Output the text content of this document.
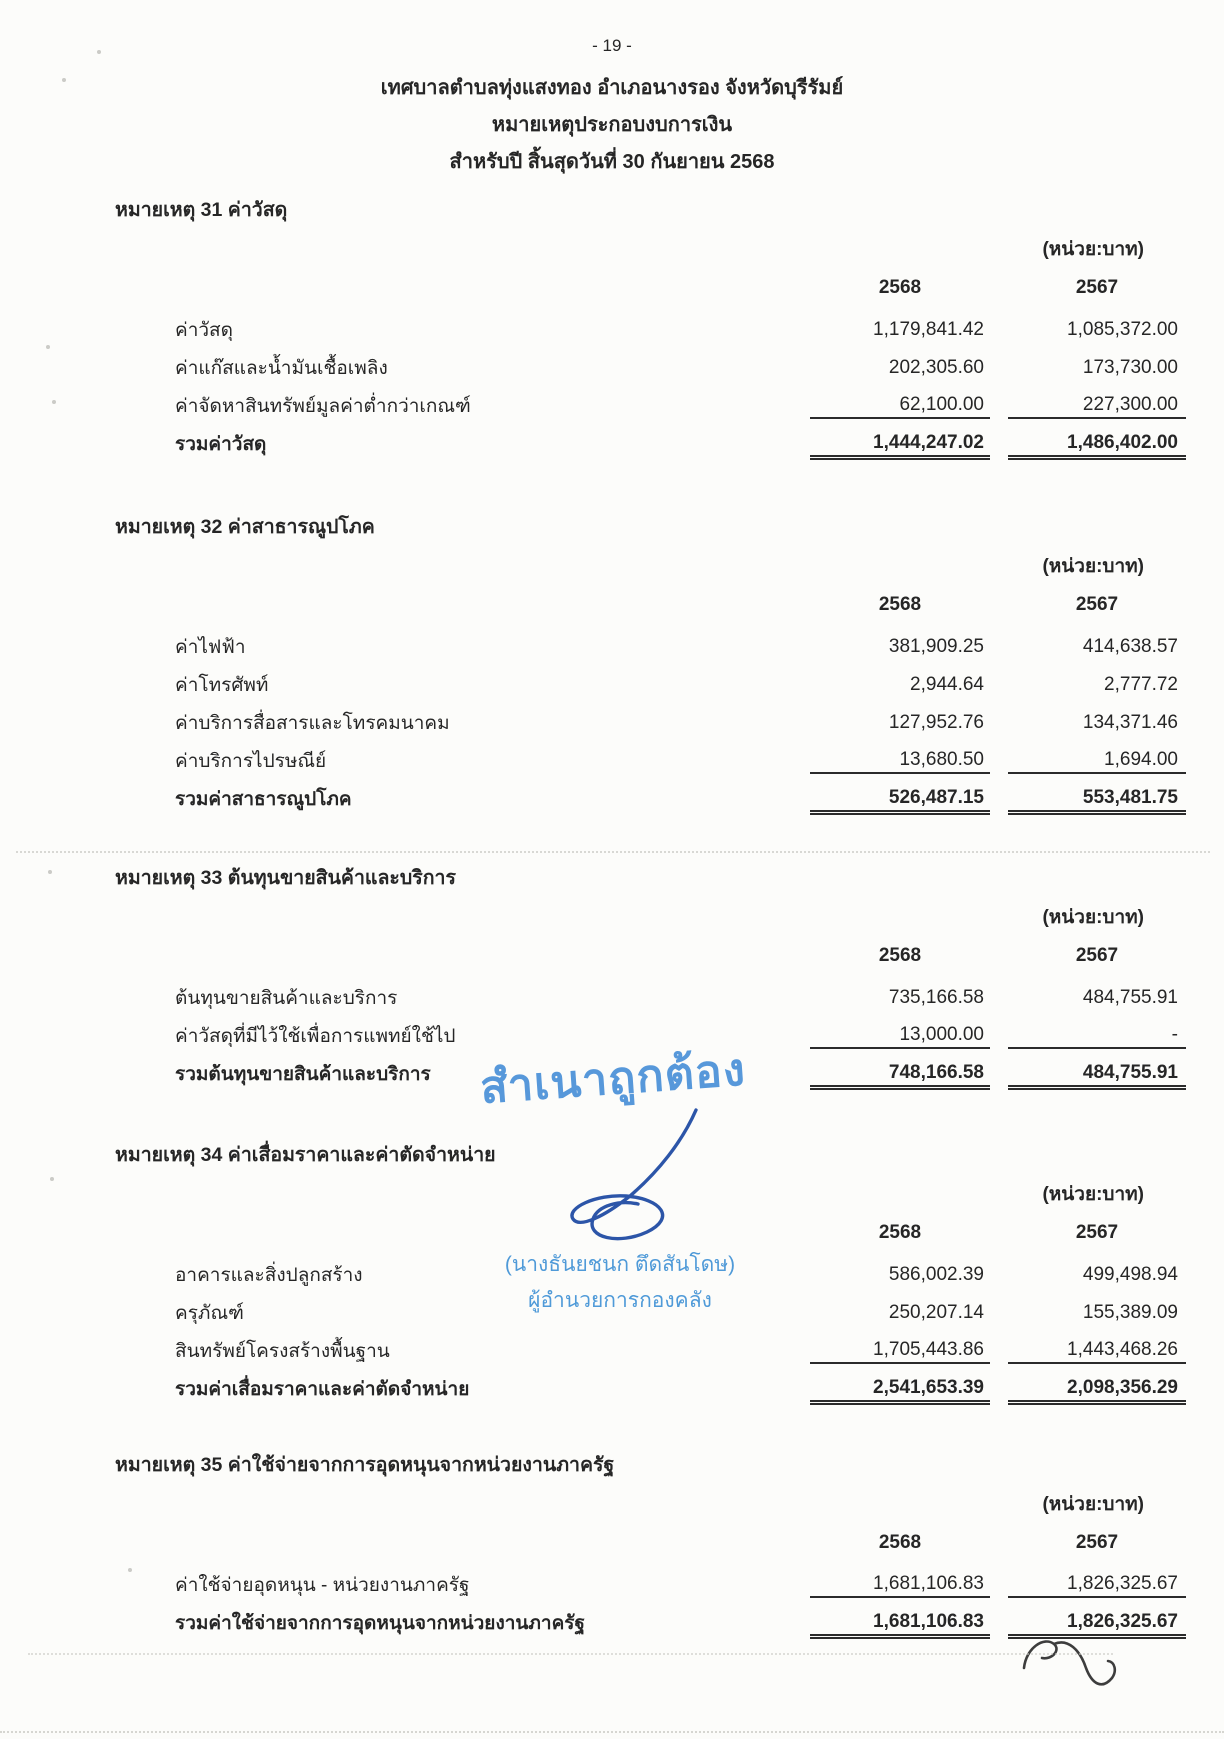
- 19 -
เทศบาลตำบลทุ่งแสงทอง อำเภอนางรอง จังหวัดบุรีรัมย์
หมายเหตุประกอบงบการเงิน
สำหรับปี สิ้นสุดวันที่ 30 กันยายน 2568
หมายเหตุ 31 ค่าวัสดุ
(หน่วย:บาท)
2568	2567
ค่าวัสดุ	1,179,841.42	1,085,372.00
ค่าแก๊สและน้ำมันเชื้อเพลิง	202,305.60	173,730.00
ค่าจัดหาสินทรัพย์มูลค่าต่ำกว่าเกณฑ์	62,100.00	227,300.00
รวมค่าวัสดุ	1,444,247.02	1,486,402.00
หมายเหตุ 32 ค่าสาธารณูปโภค
(หน่วย:บาท)
2568	2567
ค่าไฟฟ้า	381,909.25	414,638.57
ค่าโทรศัพท์	2,944.64	2,777.72
ค่าบริการสื่อสารและโทรคมนาคม	127,952.76	134,371.46
ค่าบริการไปรษณีย์	13,680.50	1,694.00
รวมค่าสาธารณูปโภค	526,487.15	553,481.75
หมายเหตุ 33 ต้นทุนขายสินค้าและบริการ
(หน่วย:บาท)
2568	2567
ต้นทุนขายสินค้าและบริการ	735,166.58	484,755.91
ค่าวัสดุที่มีไว้ใช้เพื่อการแพทย์ใช้ไป	13,000.00	-
รวมต้นทุนขายสินค้าและบริการ	748,166.58	484,755.91
หมายเหตุ 34 ค่าเสื่อมราคาและค่าตัดจำหน่าย
(หน่วย:บาท)
2568	2567
อาคารและสิ่งปลูกสร้าง	586,002.39	499,498.94
ครุภัณฑ์	250,207.14	155,389.09
สินทรัพย์โครงสร้างพื้นฐาน	1,705,443.86	1,443,468.26
รวมค่าเสื่อมราคาและค่าตัดจำหน่าย	2,541,653.39	2,098,356.29
หมายเหตุ 35 ค่าใช้จ่ายจากการอุดหนุนจากหน่วยงานภาครัฐ
(หน่วย:บาท)
2568	2567
ค่าใช้จ่ายอุดหนุน - หน่วยงานภาครัฐ	1,681,106.83	1,826,325.67
รวมค่าใช้จ่ายจากการอุดหนุนจากหน่วยงานภาครัฐ	1,681,106.83	1,826,325.67
สำเนาถูกต้อง
(นางธันยชนก ตึดสันโดษ)
ผู้อำนวยการกองคลัง
